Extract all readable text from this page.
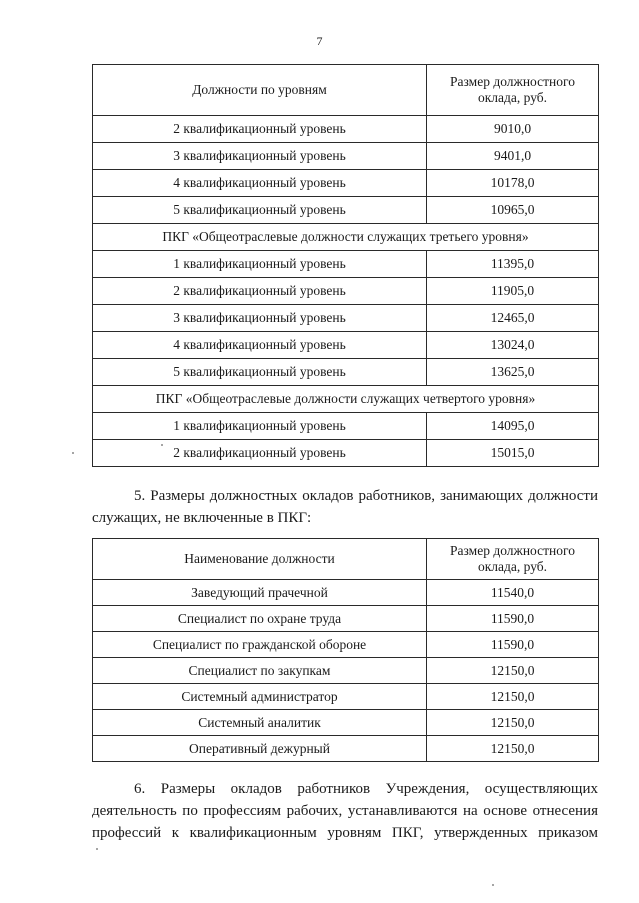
7
Должности по уровням	Размер должностного оклада, руб.
2 квалификационный уровень	9010,0
3 квалификационный уровень	9401,0
4 квалификационный уровень	10178,0
5 квалификационный уровень	10965,0
ПКГ «Общеотраслевые должности служащих третьего уровня»	
1 квалификационный уровень	11395,0
2 квалификационный уровень	11905,0
3 квалификационный уровень	12465,0
4 квалификационный уровень	13024,0
5 квалификационный уровень	13625,0
ПКГ «Общеотраслевые должности служащих четвертого уровня»	
1 квалификационный уровень	14095,0
2 квалификационный уровень	15015,0
5. Размеры должностных окладов работников, занимающих должности служащих, не включенные в ПКГ:
Наименование должности	Размер должностного оклада, руб.
Заведующий прачечной	11540,0
Специалист по охране труда	11590,0
Специалист по гражданской обороне	11590,0
Специалист по закупкам	12150,0
Системный администратор	12150,0
Системный аналитик	12150,0
Оперативный дежурный	12150,0
6. Размеры окладов работников Учреждения, осуществляющих деятельность по профессиям рабочих, устанавливаются на основе отнесения профессий к квалификационным уровням ПКГ, утвержденных приказом
